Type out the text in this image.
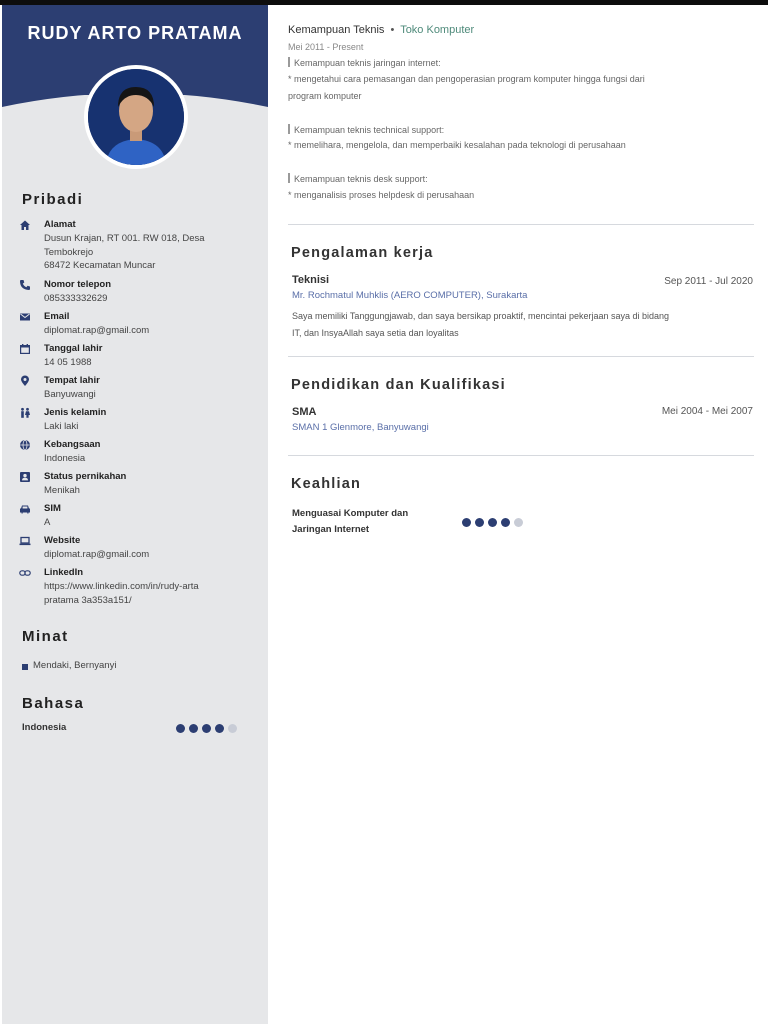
RUDY ARTO PRATAMA
Pribadi
Alamat
Dusun Krajan, RT 001. RW 018, Desa Tembokrejo
68472 Kecamatan Muncar
Nomor telepon
085333332629
Email
diplomat.rap@gmail.com
Tanggal lahir
14 05 1988
Tempat lahir
Banyuwangi
Jenis kelamin
Laki laki
Kebangsaan
Indonesia
Status pernikahan
Menikah
SIM
A
Website
diplomat.rap@gmail.com
LinkedIn
https://www.linkedin.com/in/rudy-arta pratama 3a353a151/
Minat
Mendaki, Bernyanyi
Bahasa
Indonesia
Kemampuan Teknis • Toko Komputer
Mei 2011 - Present
Kemampuan teknis jaringan internet:
* mengetahui cara pemasangan dan pengoperasian program komputer hingga fungsi dari
program komputer
Kemampuan teknis technical support:
* memelihara, mengelola, dan memperbaiki kesalahan pada teknologi di perusahaan
Kemampuan teknis desk support:
* menganalisis proses helpdesk di perusahaan
Pengalaman kerja
Teknisi	Sep 2011 - Jul 2020
Mr. Rochmatul Muhklis (AERO COMPUTER), Surakarta
Saya memiliki Tanggungjawab, dan saya bersikap proaktif, mencintai pekerjaan saya di bidang
IT, dan InsyaAllah saya setia dan loyalitas
Pendidikan dan Kualifikasi
SMA	Mei 2004 - Mei 2007
SMAN 1 Glenmore, Banyuwangi
Keahlian
Menguasai Komputer dan
Jaringan Internet
